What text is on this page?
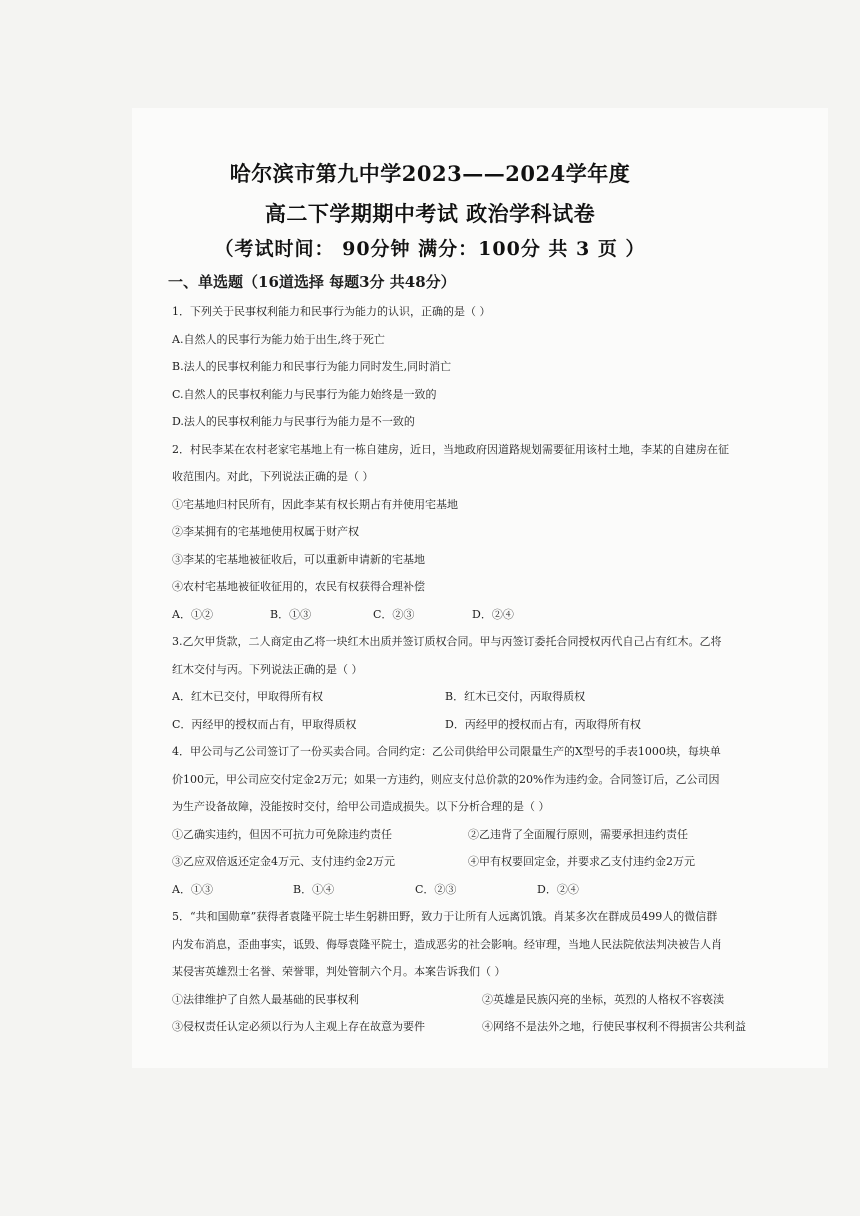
哈尔滨市第九中学2023——2024学年度
高二下学期期中考试 政治学科试卷
（考试时间： 90分钟 满分：100分 共 3 页 ）
一、单选题（16道选择 每题3分 共48分）
1．下列关于民事权利能力和民事行为能力的认识，正确的是（ ）
A.自然人的民事行为能力始于出生,终于死亡
B.法人的民事权利能力和民事行为能力同时发生,同时消亡
C.自然人的民事权利能力与民事行为能力始终是一致的
D.法人的民事权利能力与民事行为能力是不一致的
2．村民李某在农村老家宅基地上有一栋自建房，近日，当地政府因道路规划需要征用该村土地，李某的自建房在征
收范围内。对此，下列说法正确的是（ ）
①宅基地归村民所有，因此李某有权长期占有并使用宅基地
②李某拥有的宅基地使用权属于财产权
③李某的宅基地被征收后，可以重新申请新的宅基地
④农村宅基地被征收征用的，农民有权获得合理补偿
A．①②	B．①③	C．②③	D．②④
3.乙欠甲货款，二人商定由乙将一块红木出质并签订质权合同。甲与丙签订委托合同授权丙代自己占有红木。乙将
红木交付与丙。下列说法正确的是（ ）
A．红木已交付，甲取得所有权	B．红木已交付，丙取得质权
C．丙经甲的授权而占有，甲取得质权	D．丙经甲的授权而占有，丙取得所有权
4．甲公司与乙公司签订了一份买卖合同。合同约定：乙公司供给甲公司限量生产的X型号的手表1000块，每块单
价100元，甲公司应交付定金2万元；如果一方违约，则应支付总价款的20%作为违约金。合同签订后，乙公司因
为生产设备故障，没能按时交付，给甲公司造成损失。以下分析合理的是（ ）
①乙确实违约，但因不可抗力可免除违约责任	②乙违背了全面履行原则，需要承担违约责任
③乙应双倍返还定金4万元、支付违约金2万元	④甲有权要回定金，并要求乙支付违约金2万元
A．①③	B．①④	C．②③	D．②④
5．“共和国勋章”获得者袁隆平院士毕生躬耕田野，致力于让所有人远离饥饿。肖某多次在群成员499人的微信群
内发布消息，歪曲事实，诋毁、侮辱袁隆平院士，造成恶劣的社会影响。经审理，当地人民法院依法判决被告人肖
某侵害英雄烈士名誉、荣誉罪，判处管制六个月。本案告诉我们（ ）
①法律维护了自然人最基础的民事权利	②英雄是民族闪亮的坐标，英烈的人格权不容亵渎
③侵权责任认定必须以行为人主观上存在故意为要件	④网络不是法外之地，行使民事权利不得损害公共利益
